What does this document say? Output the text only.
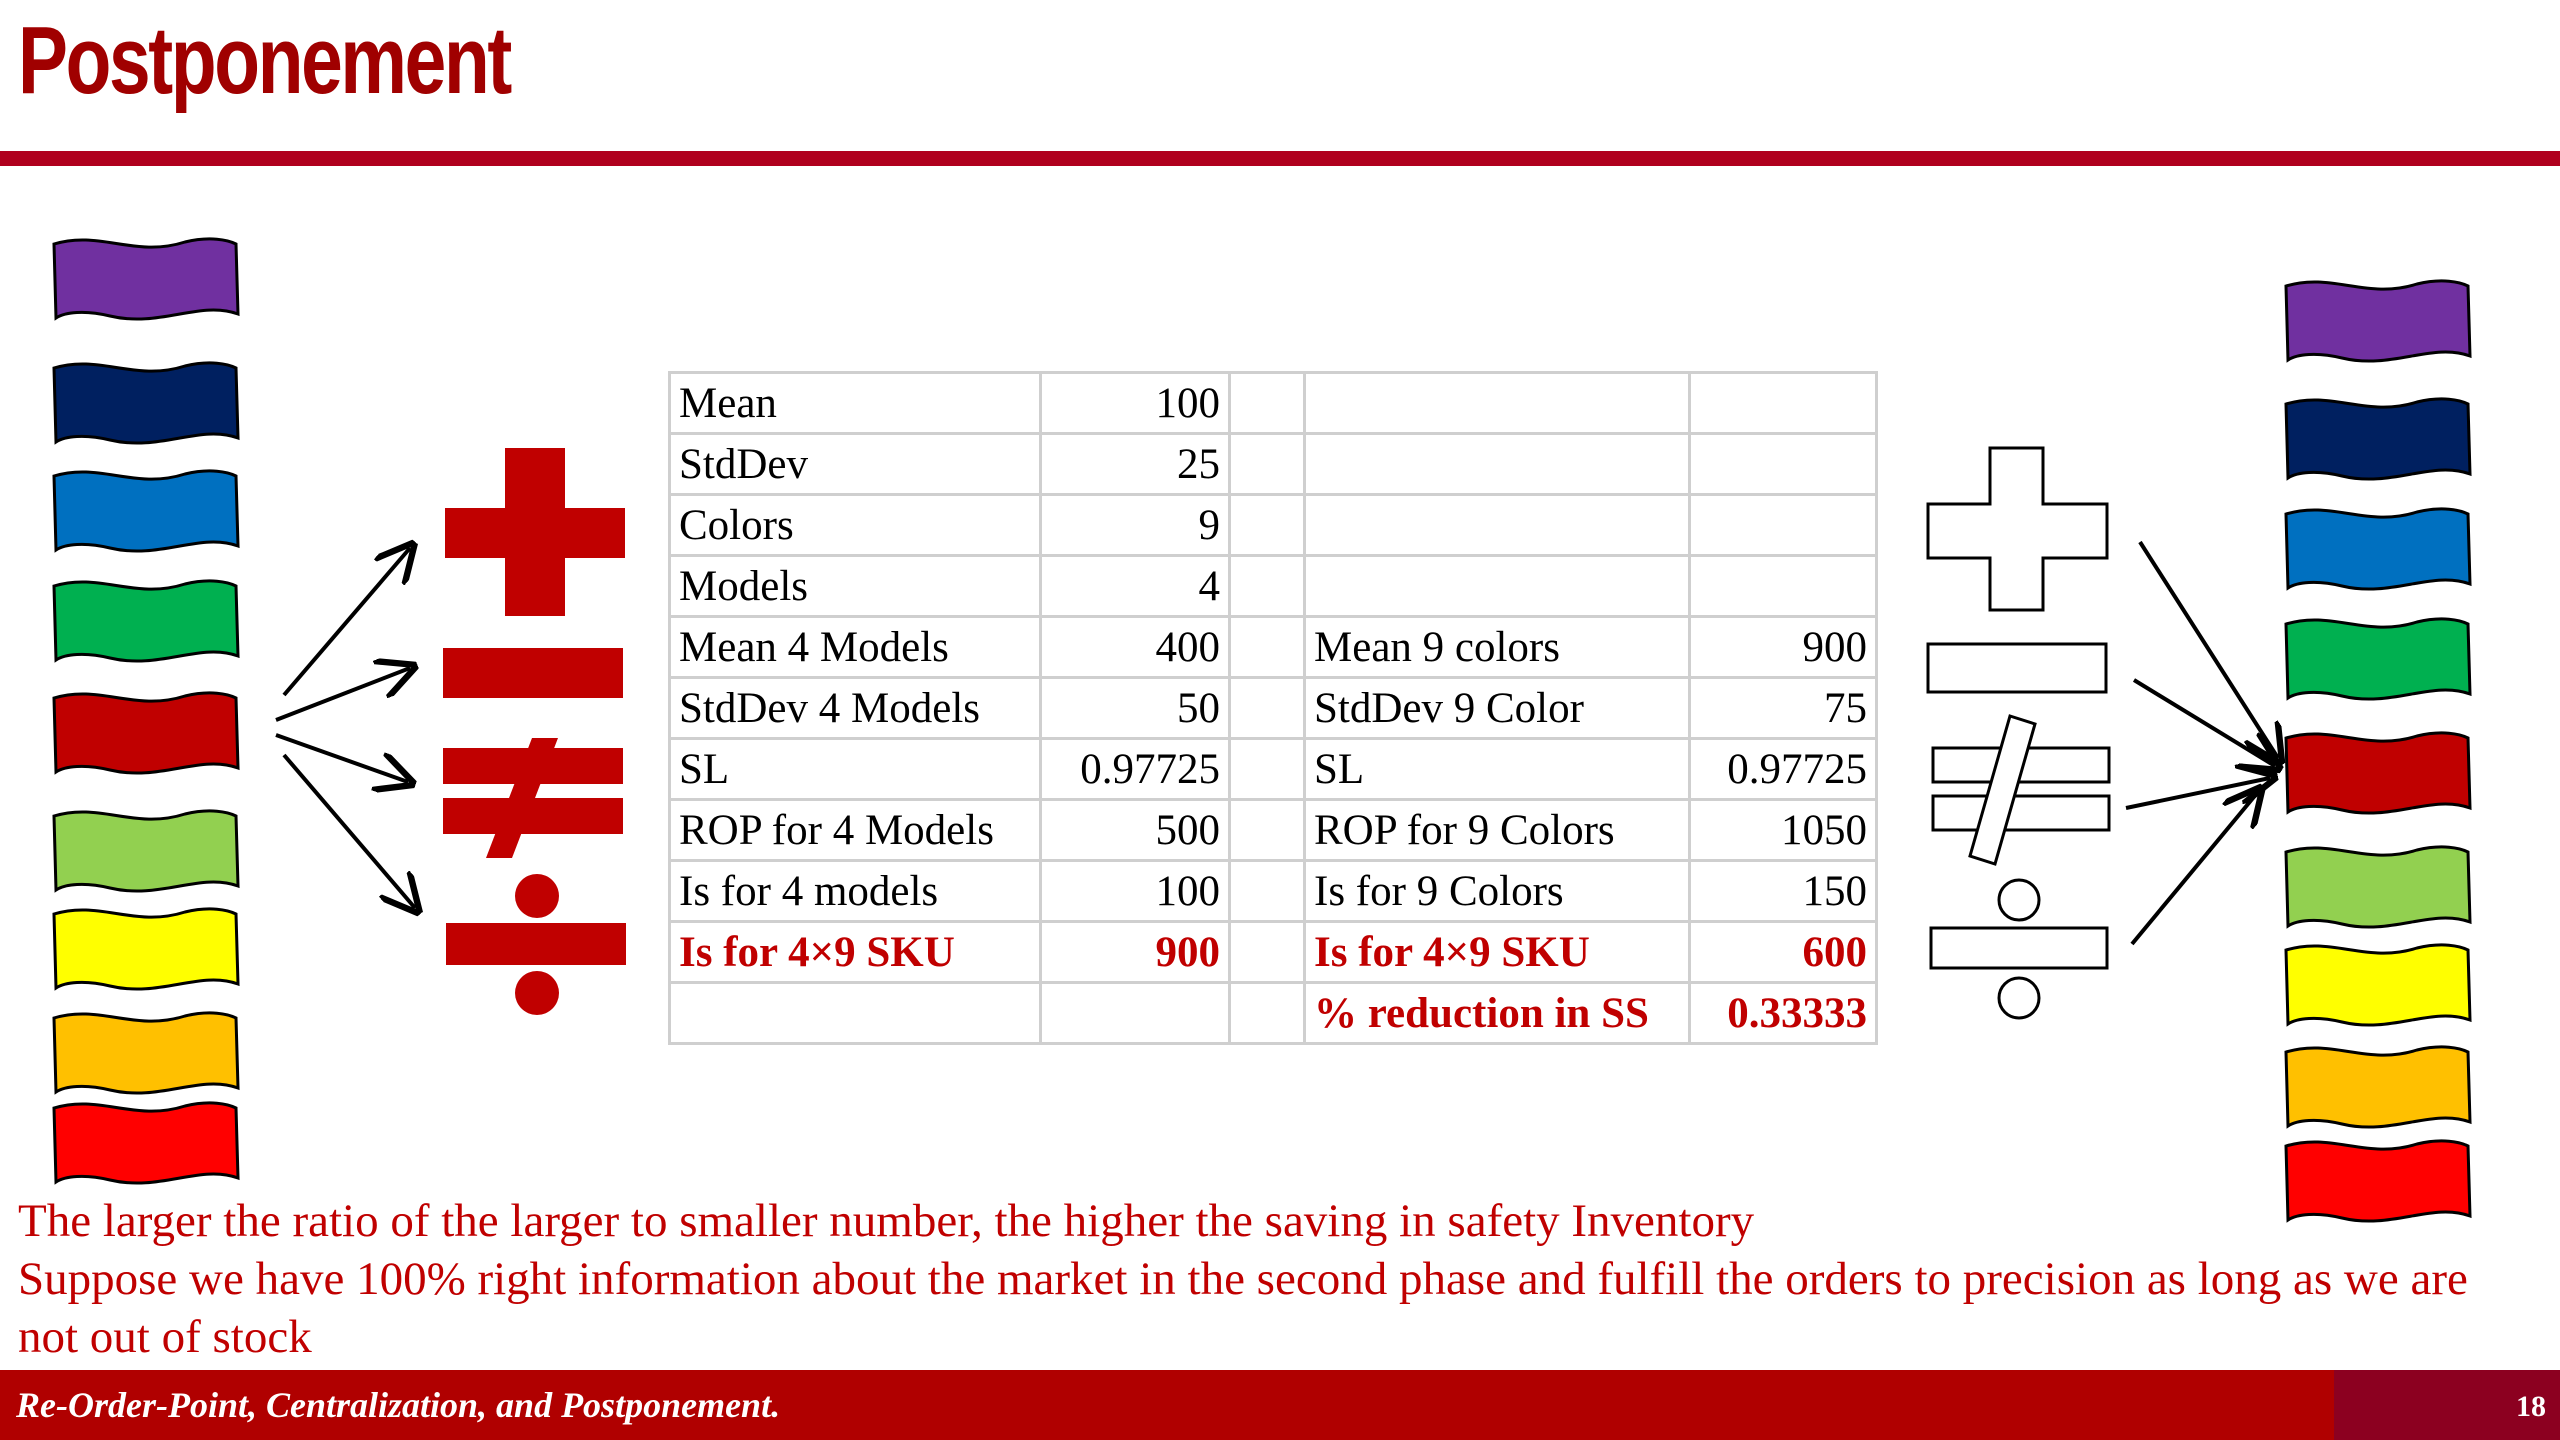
Postponement
Mean	100			
StdDev	25			
Colors	9			
Models	4			
Mean 4 Models	400		Mean 9 colors	900
StdDev 4 Models	50		StdDev 9 Color	75
SL	0.97725		SL	0.97725
ROP for 4 Models	500		ROP for 9 Colors	1050
Is for 4 models	100		Is for 9 Colors	150
Is for 4×9 SKU	900		Is for 4×9 SKU	600
			% reduction in SS	0.33333
The larger the ratio of the larger to smaller number, the higher the saving in safety Inventory
Suppose we have 100% right information about the market in the second phase and fulfill the orders to precision as long as we are not out of stock
Re-Order-Point, Centralization, and Postponement.	18
